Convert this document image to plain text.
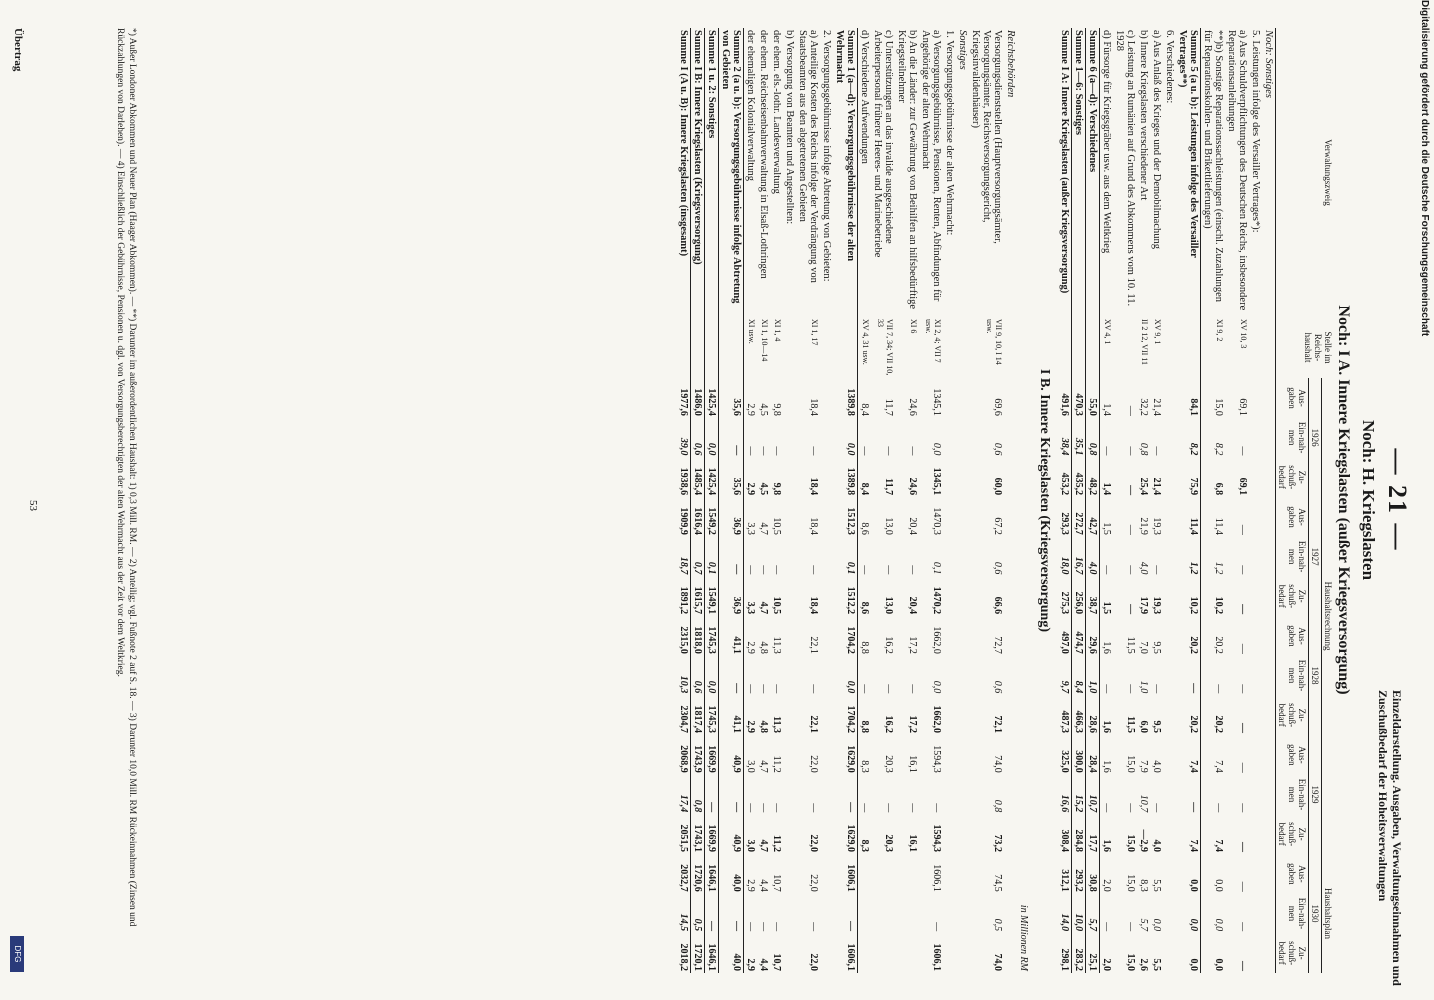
— 21 —
Einzeldarstellung. Ausgaben, Verwaltungseinnahmen und Zuschußbedarf der Hoheitsverwaltungen
Noch: H. Kriegslasten
Noch: I A. Innere Kriegslasten (außer Kriegsversorgung)
Verwaltungszweig	Stelle im Reichs-haushalt	Haushaltsrechnung												Haushaltsplan		
		1926			1927			1928			1929			1930		
		Aus-gaben	Ein-nah-men	Zu-schuß-bedarf	Aus-gaben	Ein-nah-men	Zu-schuß-bedarf	Aus-gaben	Ein-nah-men	Zu-schuß-bedarf	Aus-gaben	Ein-nah-men	Zu-schuß-bedarf	Aus-gaben	Ein-nah-men	Zu-schuß-bedarf
Noch: Sonstiges																
5. Leistungen infolge des Versailler Vertrages*):																
a) Aus Schuldverpflichtungen des Deutschen Reichs, insbesondere Reparationsanleihungen	XV 10, 3	69,1	—	69,1	—	—	—	—	—	—	—	—	—	—	—	—
**)b) Sonstige Reparationssachleistungen (einschl. Zuzahlungen für Reparationskohlen- und Brikettlieferungen)	XI 9, 2	15,0	8,2	6,8	11,4	1,2	10,2	20,2	—	20,2	7,4	—	7,4	0,0	0,0	0,0
Summe 5 (a u. b): Leistungen infolge des Versailler Vertrages**)		84,1	8,2	75,9	11,4	1,2	10,2	20,2	—	20,2	7,4	—	7,4	0,0	0,0	0,0
6. Verschiedenes:																
a) Aus Anlaß des Krieges und der Demobilmachung	XV 9, 1	21,4	—	21,4	19,3	—	19,3	9,5	—	9,5	4,0	—	4,0	5,5	0,0	5,5
b) Innere Kriegslasten verschiedener Art	II 2 12, VII 11	32,2	0,8	25,4	21,9	4,0	17,9	7,0	1,0	6,0	7,9	10,7	—2,9	8,3	5,7	2,6
c) Leistung an Rumänien auf Grund des Abkommens vom 10. 11. 1928		—	—	—	—	—	—	11,5	—	11,5	15,0	—	15,0	15,0	—	15,0
d) Fürsorge für Kriegsgräber usw. aus dem Weltkrieg	XV 4, 1	1,4	—	1,4	1,5	—	1,5	1,6	—	1,6	1,6	—	1,6	2,0	—	2,0
Summe 6 (a—d): Verschiedenes		55,0	0,8	48,2	42,7	4,0	38,7	29,6	1,0	28,6	28,4	10,7	17,7	30,8	5,7	25,1
Summe 1—6: Sonstiges		470,3	35,1	435,2	272,7	16,7	256,0	474,7	8,4	466,3	300,0	15,2	284,8	293,2	10,0	283,2
Summe I A: Innere Kriegslasten (außer Kriegsversorgung)		491,6	38,4	453,2	293,3	18,0	275,3	497,0	9,7	487,3	325,0	16,6	308,4	312,1	14,0	298,1
I B. Innere Kriegslasten (Kriegsversorgung)																
in Millionen RM																
Reichsbehörden																
Versorgungsdienststellen (Hauptversorgungsämter, Versorgungsämter, Reichsversorgungsgericht, Kriegsinvalidenhäuser)	VII 9, 10, I 14 usw.	69,6	0,6	60,0	67,2	0,6	66,6	72,7	0,6	72,1	74,0	0,8	73,2	74,5	0,5	74,0
Sonstiges																
1. Versorgungsgebührnisse der alten Wehrmacht:																
a) Versorgungsgebührnisse, Pensionen, Renten, Abfindungen für Angehörige der alten Wehrmacht	XI 2, 4; VII 7 usw.	1345,1	0,0	1345,1	1470,3	0,1	1470,2	1662,0	0,0	1662,0	1594,3	—	1594,3	1606,1	—	1606,1
b) An die Länder: zur Gewährung von Beihilfen an hilfsbedürftige Kriegsteilnehmer	XI 6	24,6	—	24,6	20,4	—	20,4	17,2	—	17,2	16,1	—	16,1			
c) Unterstützungen an das invalide ausgeschiedene Arbeiterpersonal früherer Heeres- und Marinebetriebe	VII 7, 34; VII 10, 33	11,7	—	11,7	13,0	—	13,0	16,2	—	16,2	20,3	—	20,3			
d) Verschiedene Aufwendungen	XV 4, 31 usw.	8,4	—	8,4	8,6	—	8,6	8,8	—	8,8	8,3	—	8,3			
Summe 1 (a—d): Versorgungsgebührnisse der alten Wehrmacht		1389,8	0,0	1389,8	1512,3	0,1	1512,2	1704,2	0,0	1704,2	1629,0	—	1629,0	1606,1	—	1606,1
2. Versorgungsgebührnisse infolge Abtretung von Gebieten:																
a) Anteilige Kosten des Reichs infolge der Verdrängung von Staatsbeamten aus den abgetretenen Gebieten	XI 1, 17	18,4	—	18,4	18,4	—	18,4	22,1	—	22,1	22,0	—	22,0	22,0	—	22,0
b) Versorgung von Beamten und Angestellten:																
der ehem. els.-lothr. Landesverwaltung	XI 1, 4	9,8	—	9,8	10,5	—	10,5	11,3	—	11,3	11,2	—	11,2	10,7	—	10,7
der ehem. Reichseisenbahnverwaltung in Elsaß-Lothringen	XI 1, 10—14	4,5	—	4,5	4,7	—	4,7	4,8	—	4,8	4,7	—	4,7	4,4	—	4,4
der ehemaligen Kolonialverwaltung	XI usw.	2,9	—	2,9	3,3	—	3,3	2,9	—	2,9	3,0	—	3,0	2,9	—	2,9
Summe 2 (a u. b): Versorgungsgebührnisse infolge Abtretung von Gebieten		35,6	—	35,6	36,9	—	36,9	41,1	—	41,1	40,9	—	40,9	40,0	—	40,0
Summe 1 u. 2: Sonstiges		1425,4	0,0	1425,4	1549,2	0,1	1549,1	1745,3	0,0	1745,3	1669,9	—	1669,9	1646,1	—	1646,1
Summe I B: Innere Kriegslasten (Kriegsversorgung)		1486,0	0,6	1485,4	1616,4	0,7	1615,7	1818,0	0,6	1817,4	1743,9	0,8	1743,1	1720,6	0,5	1720,1
Summe I (A u. B): Innere Kriegslasten (insgesamt)		1977,6	39,0	1938,6	1909,9	18,7	1891,2	2315,0	10,3	2304,7	2068,9	17,4	2051,5	2032,7	14,5	2018,2
*) Außer Londoner Abkommen und Neuer Plan (Haager Abkommen). — **) Darunter im außerordentlichen Haushalt: 1) 0,3 Mill. RM. — 2) Anteilig; vgl. Fußnote 2 auf S. 18. — 3) Darunter 10,0 Mill. RM Rückeinnahmen (Zinsen und Rückzahlungen von Darlehen). — 4) Einschließlich der Gebührnisse, Pensionen u. dgl. von Versorgungsberechtigten der alten Wehrmacht aus der Zeit vor dem Weltkrieg.
53
Übertrag
DFG
Digitalisierung gefördert durch die Deutsche Forschungsgemeinschaft
